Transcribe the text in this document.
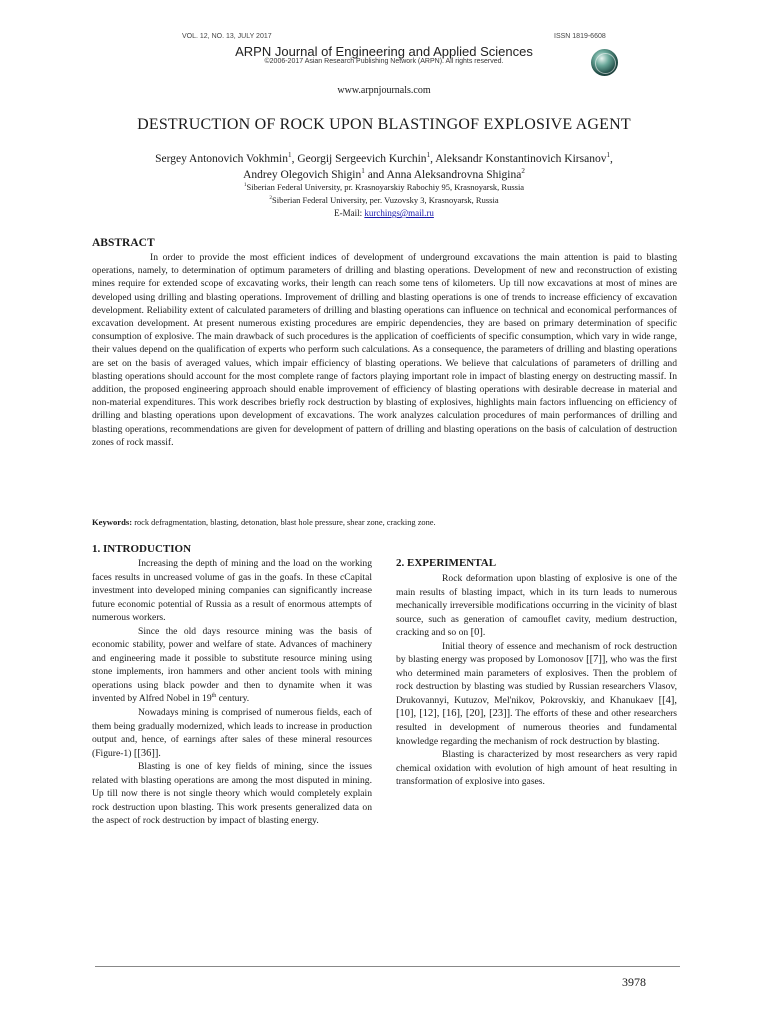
VOL. 12, NO. 13, JULY 2017	ISSN 1819-6608
ARPN Journal of Engineering and Applied Sciences
©2006-2017 Asian Research Publishing Network (ARPN). All rights reserved.
www.arpnjournals.com
DESTRUCTION OF ROCK UPON BLASTINGOF EXPLOSIVE AGENT
Sergey Antonovich Vokhmin$^1$, Georgij Sergeevich Kurchin$^1$, Aleksandr Konstantinovich Kirsanov$^1$,
Andrey Olegovich Shigin$^1$ and Anna Aleksandrovna Shigina$^2$
$^1$Siberian Federal University, pr. Krasnoyarskiy Rabochiy 95, Krasnoyarsk, Russia
$^2$Siberian Federal University, per. Vuzovsky 3, Krasnoyarsk, Russia
E-Mail: kurchings@mail.ru
ABSTRACT

In order to provide the most efficient indices of development of underground excavations the main attention is paid to blasting operations, namely, to determination of optimum parameters of drilling and blasting operations. Development of new and reconstruction of existing mines require for extended scope of excavating works, their length can reach some tens of kilometers. Up till now excavations at most of mines are developed using drilling and blasting operations. Improvement of drilling and blasting operations is one of trends to increase efficiency of excavation development. Reliability extent of calculated parameters of drilling and blasting operations can influence on technical and economical performances of excavation development. At present numerous existing procedures are empiric dependencies, they are based on primary determination of specific consumption of explosive. The main drawback of such procedures is the application of coefficients of specific consumption, which vary in wide range, their values depend on the qualification of experts who perform such calculations. As a consequence, the parameters of drilling and blasting operations are set on the basis of averaged values, which impair efficiency of blasting operations. We believe that calculations of parameters of drilling and blasting operations should account for the most complete range of factors playing important role in impact of blasting energy on destructing massif. In addition, the proposed engineering approach should enable improvement of efficiency of blasting operations with desirable decrease in material and non-material expenditures. This work describes briefly rock destruction by blasting of explosives, highlights main factors influencing on efficiency of drilling and blasting operations upon development of excavations. The work analyzes calculation procedures of main performances of drilling and blasting operations, recommendations are given for development of pattern of drilling and blasting operations on the basis of calculation of destruction zones of rock massif.

Keywords: rock defragmentation, blasting, detonation, blast hole pressure, shear zone, cracking zone.
1. INTRODUCTION

Increasing the depth of mining and the load on the working faces results in uncreased volume of gas in the goafs. In these cCapital investment into developed mining companies can significantly increase future economic potential of Russia as a result of enormous attempts of numerous workers.

Since the old days resource mining was the basis of economic stability, power and welfare of state. Advances of machinery and engineering made it possible to substitute resource mining using stone implements, iron hammers and other ancient tools with mining operations using black powder and then to dynamite when it was invented by Alfred Nobel in 19th century.

Nowadays mining is comprised of numerous fields, each of them being gradually modernized, which leads to increase in production output and, hence, of earnings after sales of these mineral resources (Figure-1) [[36]].

Blasting is one of key fields of mining, since the issues related with blasting operations are among the most disputed in mining. Up till now there is not single theory which would completely explain rock destruction upon blasting. This work presents generalized data on the aspect of rock destruction by impact of blasting energy.

2. EXPERIMENTAL

Rock deformation upon blasting of explosive is one of the main results of blasting impact, which in its turn leads to numerous mechanically irreversible modifications occurring in the vicinity of blast source, such as generation of camouflet cavity, medium destruction, cracking and so on [0].

Initial theory of essence and mechanism of rock destruction by blasting energy was proposed by Lomonosov [[7]], who was the first who determined main parameters of explosives. Then the problem of rock destruction by blasting was studied by Russian researchers Vlasov, Drukovannyi, Kutuzov, Mel'nikov, Pokrovskiy, and Khanukaev [[4], [10], [12], [16], [20], [23]]. The efforts of these and other researchers resulted in development of numerous theories and fundamental knowledge regarding the mechanism of rock destruction by blasting.

Blasting is characterized by most researchers as very rapid chemical oxidation with evolution of high amount of heat resulting in transformation of explosive into gases.

3978
